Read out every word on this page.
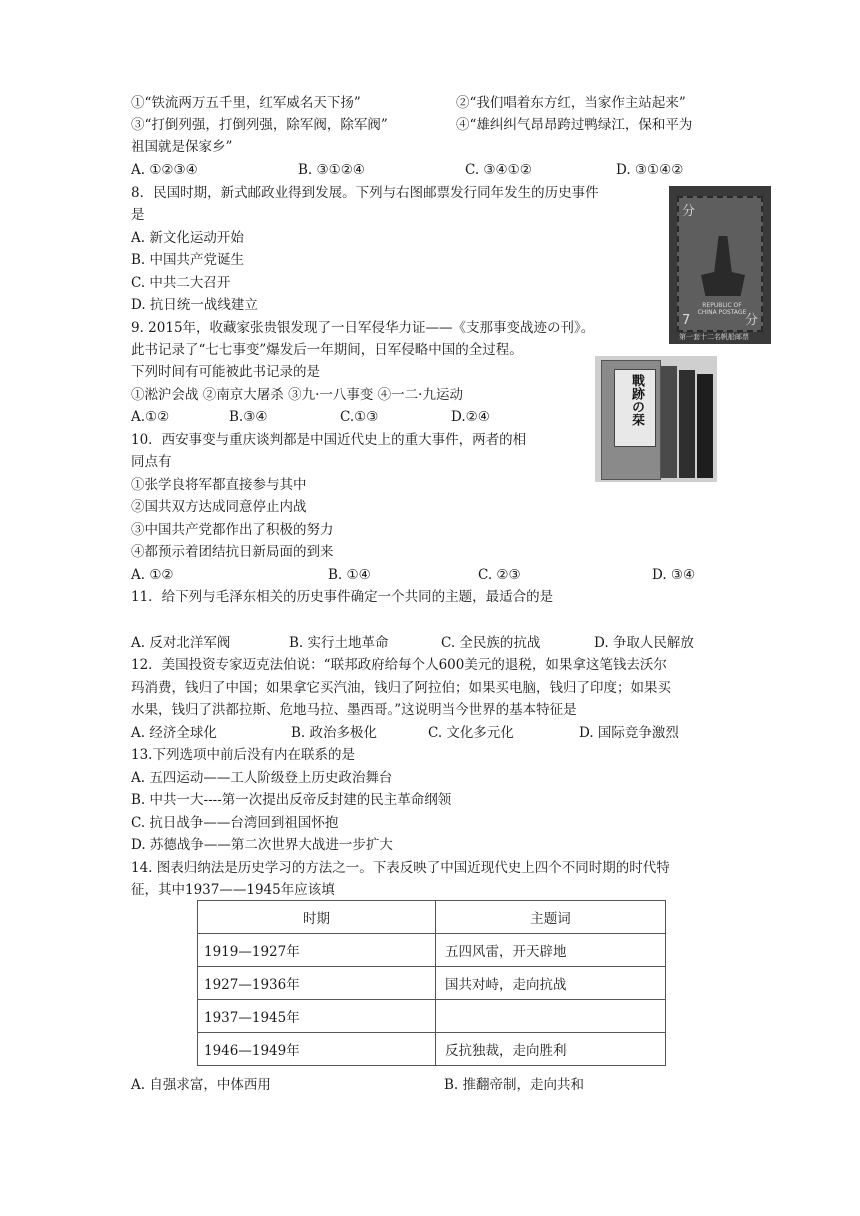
①“铁流两万五千里，红军威名天下扬”	②“我们唱着东方红，当家作主站起来”
③“打倒列强，打倒列强，除军阀，除军阀”	④“雄纠纠气昂昂跨过鸭绿江，保和平为
祖国就是保家乡”
A. ①②③④	B. ③①②④	C. ③④①②	D. ③①④②
8．民国时期，新式邮政业得到发展。下列与右图邮票发行同年发生的历史事件
是
A. 新文化运动开始
B. 中国共产党诞生
C. 中共二大召开
D. 抗日统一战线建立
分
REPUBLIC OF CHINA POSTAGE
7	分
第一套十二名帆船邮票
9. 2015年，收藏家张贵银发现了一日军侵华力证——《支那事变战迹の刊》。
此书记录了“七七事变”爆发后一年期间，日军侵略中国的全过程。
下列时间有可能被此书记录的是
①淞沪会战 ②南京大屠杀 ③九·一八事变 ④一二·九运动
A.①②	B.③④	C.①③	D.②④	戰跡の栞
10．西安事变与重庆谈判都是中国近代史上的重大事件，两者的相
同点有
①张学良将军都直接参与其中
②国共双方达成同意停止内战
③中国共产党都作出了积极的努力
④都预示着团结抗日新局面的到来
A. ①②	B. ①④	C. ②③	D. ③④
11．给下列与毛泽东相关的历史事件确定一个共同的主题，最适合的是
A. 反对北洋军阀	B. 实行土地革命	C. 全民族的抗战	D. 争取人民解放
12．美国投资专家迈克法伯说：“联邦政府给每个人600美元的退税，如果拿这笔钱去沃尔
玛消费，钱归了中国；如果拿它买汽油，钱归了阿拉伯；如果买电脑，钱归了印度；如果买
水果，钱归了洪都拉斯、危地马拉、墨西哥。”这说明当今世界的基本特征是
A. 经济全球化	B. 政治多极化	C. 文化多元化	D. 国际竞争激烈
13.下列选项中前后没有内在联系的是
A. 五四运动——工人阶级登上历史政治舞台
B. 中共一大----第一次提出反帝反封建的民主革命纲领
C. 抗日战争——台湾回到祖国怀抱
D. 苏德战争——第二次世界大战进一步扩大
14. 图表归纳法是历史学习的方法之一。下表反映了中国近现代史上四个不同时期的时代特
征，其中1937——1945年应该填
时期	主题词
1919—1927年	五四风雷，开天辟地
1927—1936年	国共对峙，走向抗战
1937—1945年	
1946—1949年	反抗独裁，走向胜利
A. 自强求富，中体西用	B. 推翻帝制，走向共和
